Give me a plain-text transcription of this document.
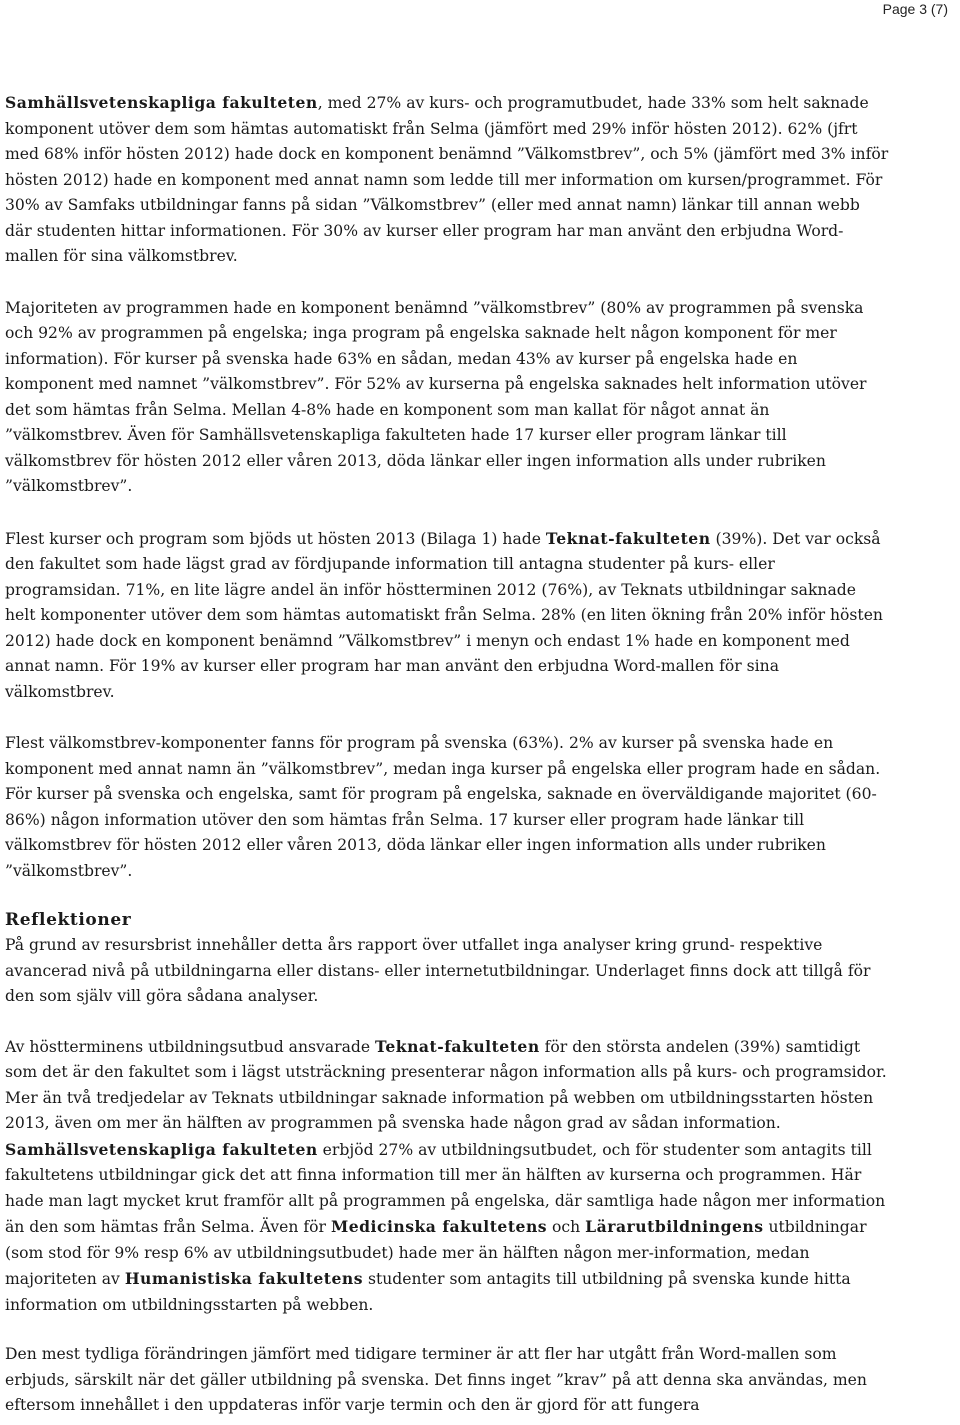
Page 3 (7)

Samhällsvetenskapliga fakulteten, med 27% av kurs- och programutbudet, hade 33% som helt saknade komponent utöver dem som hämtas automatiskt från Selma (jämfört med 29% inför hösten 2012). 62% (jfrt med 68% inför hösten 2012) hade dock en komponent benämnd ”Välkomstbrev”, och 5% (jämfört med 3% inför hösten 2012) hade en komponent med annat namn som ledde till mer information om kursen/programmet. För 30% av Samfaks utbildningar fanns på sidan ”Välkomstbrev” (eller med annat namn) länkar till annan webb där studenten hittar informationen. För 30% av kurser eller program har man använt den erbjudna Word-mallen för sina välkomstbrev.

Majoriteten av programmen hade en komponent benämnd ”välkomstbrev” (80% av programmen på svenska och 92% av programmen på engelska; inga program på engelska saknade helt någon komponent för mer information). För kurser på svenska hade 63% en sådan, medan 43% av kurser på engelska hade en komponent med namnet ”välkomstbrev”. För 52% av kurserna på engelska saknades helt information utöver det som hämtas från Selma. Mellan 4-8% hade en komponent som man kallat för något annat än ”välkomstbrev. Även för Samhällsvetenskapliga fakulteten hade 17 kurser eller program länkar till välkomstbrev för hösten 2012 eller våren 2013, döda länkar eller ingen information alls under rubriken ”välkomstbrev”.

Flest kurser och program som bjöds ut hösten 2013 (Bilaga 1) hade Teknat-fakulteten (39%). Det var också den fakultet som hade lägst grad av fördjupande information till antagna studenter på kurs- eller programsidan. 71%, en lite lägre andel än inför höstterminen 2012 (76%), av Teknats utbildningar saknade helt komponenter utöver dem som hämtas automatiskt från Selma. 28% (en liten ökning från 20% inför hösten 2012) hade dock en komponent benämnd ”Välkomstbrev” i menyn och endast 1% hade en komponent med annat namn. För 19% av kurser eller program har man använt den erbjudna Word-mallen för sina välkomstbrev.

Flest välkomstbrev-komponenter fanns för program på svenska (63%). 2% av kurser på svenska hade en komponent med annat namn än ”välkomstbrev”, medan inga kurser på engelska eller program hade en sådan. För kurser på svenska och engelska, samt för program på engelska, saknade en överväldigande majoritet (60-86%) någon information utöver den som hämtas från Selma. 17 kurser eller program hade länkar till välkomstbrev för hösten 2012 eller våren 2013, döda länkar eller ingen information alls under rubriken ”välkomstbrev”.

Reflektioner

På grund av resursbrist innehåller detta års rapport över utfallet inga analyser kring grund- respektive avancerad nivå på utbildningarna eller distans- eller internetutbildningar. Underlaget finns dock att tillgå för den som själv vill göra sådana analyser.

Av höstterminens utbildningsutbud ansvarade Teknat-fakulteten för den största andelen (39%) samtidigt som det är den fakultet som i lägst utsträckning presenterar någon information alls på kurs- och programsidor. Mer än två tredjedelar av Teknats utbildningar saknade information på webben om utbildningsstarten hösten 2013, även om mer än hälften av programmen på svenska hade någon grad av sådan information. Samhällsvetenskapliga fakulteten erbjöd 27% av utbildningsutbudet, och för studenter som antagits till fakultetens utbildningar gick det att finna information till mer än hälften av kurserna och programmen. Här hade man lagt mycket krut framför allt på programmen på engelska, där samtliga hade någon mer information än den som hämtas från Selma. Även för Medicinska fakultetens och Lärarutbildningens utbildningar (som stod för 9% resp 6% av utbildningsutbudet) hade mer än hälften någon mer-information, medan majoriteten av Humanistiska fakultetens studenter som antagits till utbildning på svenska kunde hitta information om utbildningsstarten på webben.

Den mest tydliga förändringen jämfört med tidigare terminer är att fler har utgått från Word-mallen som erbjuds, särskilt när det gäller utbildning på svenska. Det finns inget ”krav” på att denna ska användas, men eftersom innehållet i den uppdateras inför varje termin och den är gjord för att fungera
